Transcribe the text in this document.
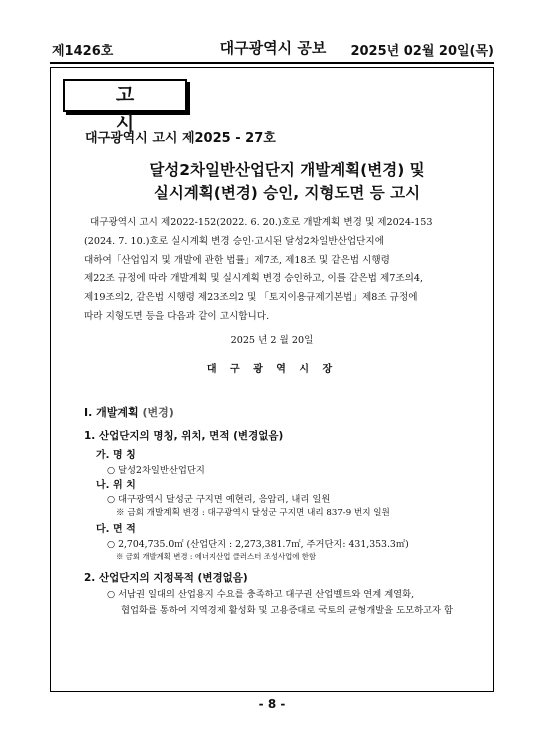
제1426호	대구광역시 공보	2025년 02월 20일(목)
고 시
대구광역시 고시 제2025 - 27호
달성2차일반산업단지 개발계획(변경) 및
실시계획(변경) 승인, 지형도면 등 고시
대구광역시 고시 제2022-152(2022. 6. 20.)호로 개발계획 변경 및 제2024-153
(2024. 7. 10.)호로 실시계획 변경 승인·고시된 달성2차일반산업단지에
대하여「산업입지 및 개발에 관한 법률」제7조, 제18조 및 같은법 시행령
제22조 규정에 따라 개발계획 및 실시계획 변경 승인하고, 이를 같은법 제7조의4,
제19조의2, 같은법 시행령 제23조의2 및 「토지이용규제기본법」제8조 규정에
따라 지형도면 등을 다음과 같이 고시합니다.
2025 년 2 월 20일
대 구 광 역 시 장
Ⅰ. 개발계획 (변경)
1. 산업단지의 명칭, 위치, 면적 (변경없음)
가. 명 칭
○ 달성2차일반산업단지
나. 위 치
○ 대구광역시 달성군 구지면 예현리, 응암리, 내리 일원
※ 금회 개발계획 변경 : 대구광역시 달성군 구지면 내리 837-9 번지 일원
다. 면 적
○ 2,704,735.0㎡ (산업단지 : 2,273,381.7㎡, 주거단지: 431,353.3㎡)
※ 금회 개발계획 변경 : 에너지산업 클러스터 조성사업에 한함
2. 산업단지의 지정목적 (변경없음)
○ 서남권 일대의 산업용지 수요를 충족하고 대구권 산업벨트와 연계 계열화,
협업화를 통하여 지역경제 활성화 및 고용증대로 국토의 균형개발을 도모하고자 함
- 8 -
